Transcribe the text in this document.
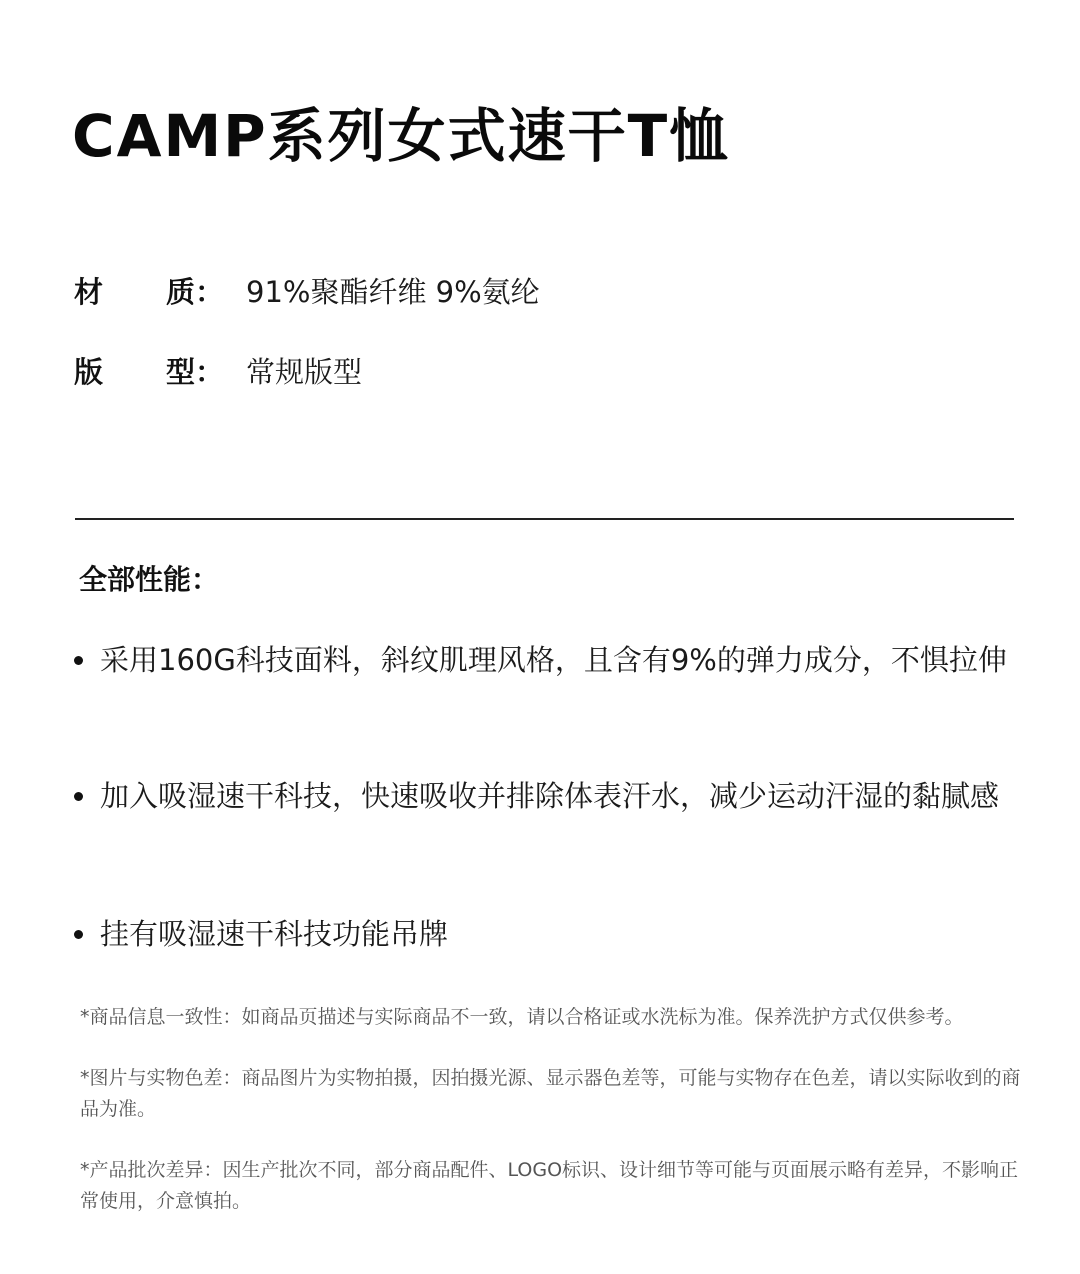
CAMP系列女式速干T恤
材 质： 91%聚酯纤维 9%氨纶
版 型： 常规版型
全部性能：
采用160G科技面料，斜纹肌理风格，且含有9%的弹力成分，不惧拉伸
加入吸湿速干科技，快速吸收并排除体表汗水，减少运动汗湿的黏腻感
挂有吸湿速干科技功能吊牌
*商品信息一致性：如商品页描述与实际商品不一致，请以合格证或水洗标为准。保养洗护方式仅供参考。
*图片与实物色差：商品图片为实物拍摄，因拍摄光源、显示器色差等，可能与实物存在色差，请以实际收到的商品为准。
*产品批次差异：因生产批次不同，部分商品配件、LOGO标识、设计细节等可能与页面展示略有差异，不影响正常使用，介意慎拍。
